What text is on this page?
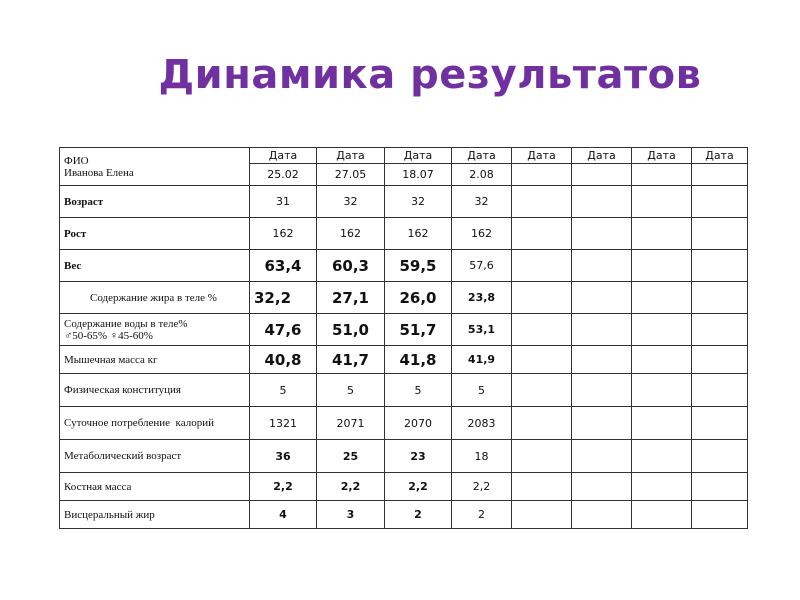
Динамика результатов
ФИО
Иванова Елена	Дата	Дата	Дата	Дата	Дата	Дата	Дата	Дата
	25.02	27.05	18.07	2.08				
Возраст	31	32	32	32				
Рост	162	162	162	162				
Вес	63,4	60,3	59,5	57,6				
Содержание жира в теле %	32,2	27,1	26,0	23,8				

Содержание воды в теле%
♂50-65% ♀45-60%	47,6	51,0	51,7	53,1				
Мышечная масса кг	40,8	41,7	41,8	41,9				
Физическая конституция	5	5	5	5				
Суточное потребление  калорий	1321	2071	2070	2083				
Метаболический возраст	36	25	23	18				
Костная масса	2,2	2,2	2,2	2,2				
Висцеральный жир	4	3	2	2				
